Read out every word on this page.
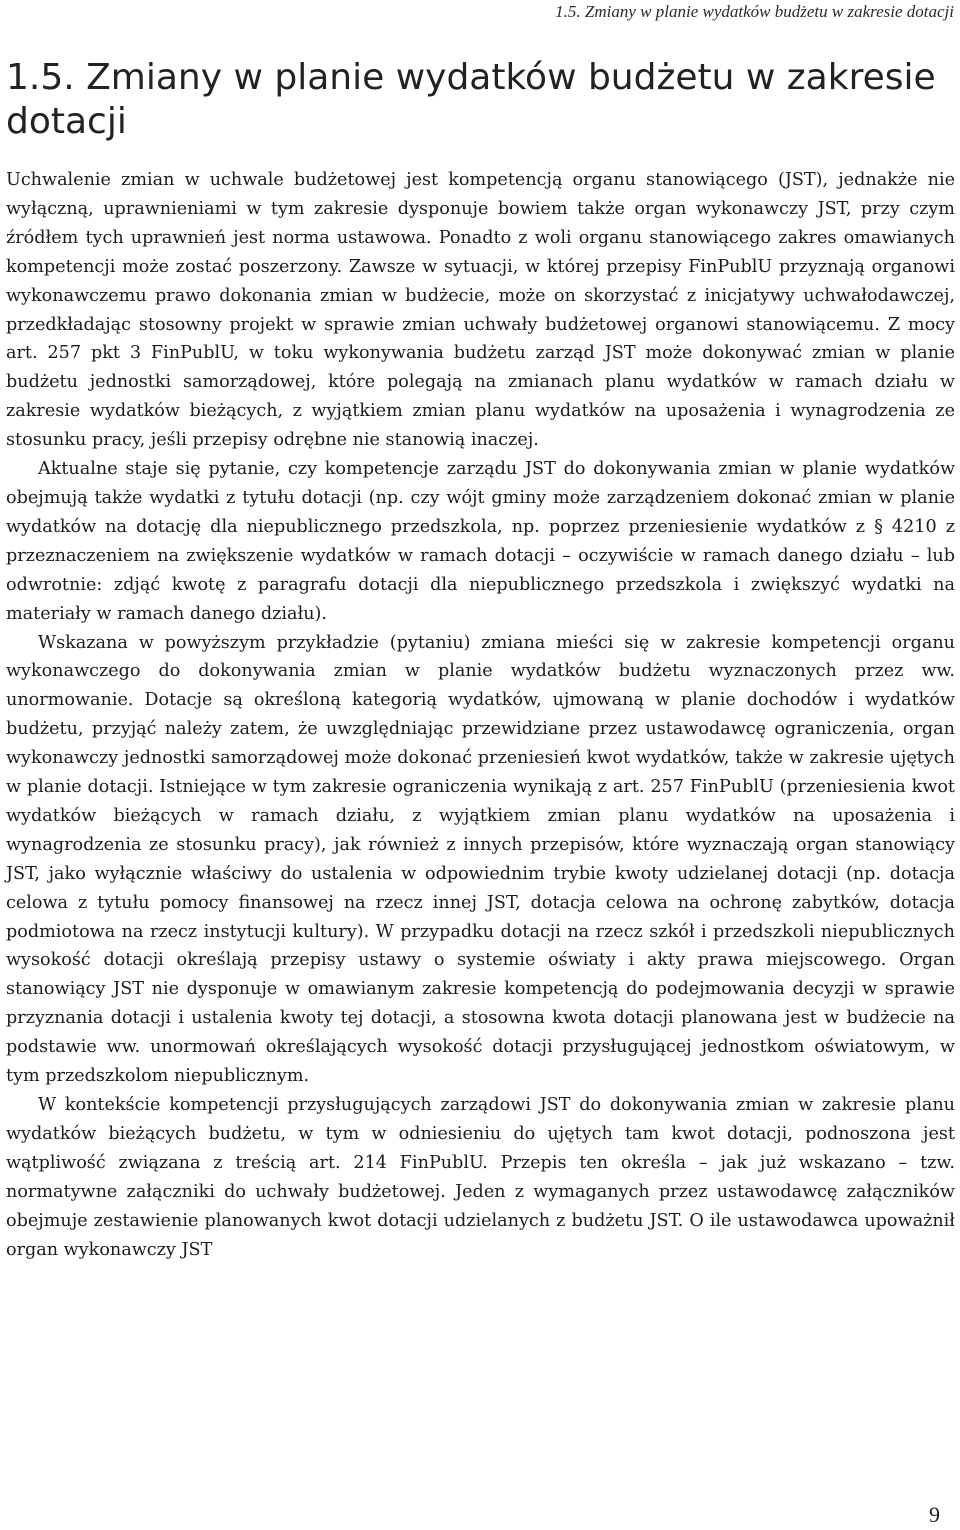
1.5. Zmiany w planie wydatków budżetu w zakresie dotacji
1.5. Zmiany w planie wydatków budżetu w zakresie dotacji

Uchwalenie zmian w uchwale budżetowej jest kompetencją organu stanowiącego (JST), jednakże nie wyłączną, uprawnieniami w tym zakresie dysponuje bowiem także organ wykonawczy JST, przy czym źródłem tych uprawnień jest norma ustawowa. Ponadto z woli organu stanowiącego zakres omawianych kompetencji może zostać poszerzony. Zawsze w sytuacji, w której przepisy FinPublU przyznają organowi wykonawczemu prawo dokonania zmian w budżecie, może on skorzystać z inicjatywy uchwałodawczej, przedkładając stosowny projekt w sprawie zmian uchwały budżetowej organowi stanowiącemu. Z mocy art. 257 pkt 3 FinPublU, w toku wykonywania budżetu zarząd JST może dokonywać zmian w planie budżetu jednostki samorządowej, które polegają na zmianach planu wydatków w ramach działu w zakresie wydatków bieżących, z wyjątkiem zmian planu wydatków na uposażenia i wynagrodzenia ze stosunku pracy, jeśli przepisy odrębne nie stanowią inaczej.

Aktualne staje się pytanie, czy kompetencje zarządu JST do dokonywania zmian w planie wydatków obejmują także wydatki z tytułu dotacji (np. czy wójt gminy może zarządzeniem dokonać zmian w planie wydatków na dotację dla niepublicznego przedszkola, np. poprzez przeniesienie wydatków z § 4210 z przeznaczeniem na zwiększenie wydatków w ramach dotacji – oczywiście w ramach danego działu – lub odwrotnie: zdjąć kwotę z paragrafu dotacji dla niepublicznego przedszkola i zwiększyć wydatki na materiały w ramach danego działu).

Wskazana w powyższym przykładzie (pytaniu) zmiana mieści się w zakresie kompetencji organu wykonawczego do dokonywania zmian w planie wydatków budżetu wyznaczonych przez ww. unormowanie. Dotacje są określoną kategorią wydatków, ujmowaną w planie dochodów i wydatków budżetu, przyjąć należy zatem, że uwzględniając przewidziane przez ustawodawcę ograniczenia, organ wykonawczy jednostki samorządowej może dokonać przeniesień kwot wydatków, także w zakresie ujętych w planie dotacji. Istniejące w tym zakresie ograniczenia wynikają z art. 257 FinPublU (przeniesienia kwot wydatków bieżących w ramach działu, z wyjątkiem zmian planu wydatków na uposażenia i wynagrodzenia ze stosunku pracy), jak również z innych przepisów, które wyznaczają organ stanowiący JST, jako wyłącznie właściwy do ustalenia w odpowiednim trybie kwoty udzielanej dotacji (np. dotacja celowa z tytułu pomocy finansowej na rzecz innej JST, dotacja celowa na ochronę zabytków, dotacja podmiotowa na rzecz instytucji kultury). W przypadku dotacji na rzecz szkół i przedszkoli niepublicznych wysokość dotacji określają przepisy ustawy o systemie oświaty i akty prawa miejscowego. Organ stanowiący JST nie dysponuje w omawianym zakresie kompetencją do podejmowania decyzji w sprawie przyznania dotacji i ustalenia kwoty tej dotacji, a stosowna kwota dotacji planowana jest w budżecie na podstawie ww. unormowań określających wysokość dotacji przysługującej jednostkom oświatowym, w tym przedszkolom niepublicznym.

W kontekście kompetencji przysługujących zarządowi JST do dokonywania zmian w zakresie planu wydatków bieżących budżetu, w tym w odniesieniu do ujętych tam kwot dotacji, podnoszona jest wątpliwość związana z treścią art. 214 FinPublU. Przepis ten określa – jak już wskazano – tzw. normatywne załączniki do uchwały budżetowej. Jeden z wymaganych przez ustawodawcę załączników obejmuje zestawienie planowanych kwot dotacji udzielanych z budżetu JST. O ile ustawodawca upoważnił organ wykonawczy JST

9
